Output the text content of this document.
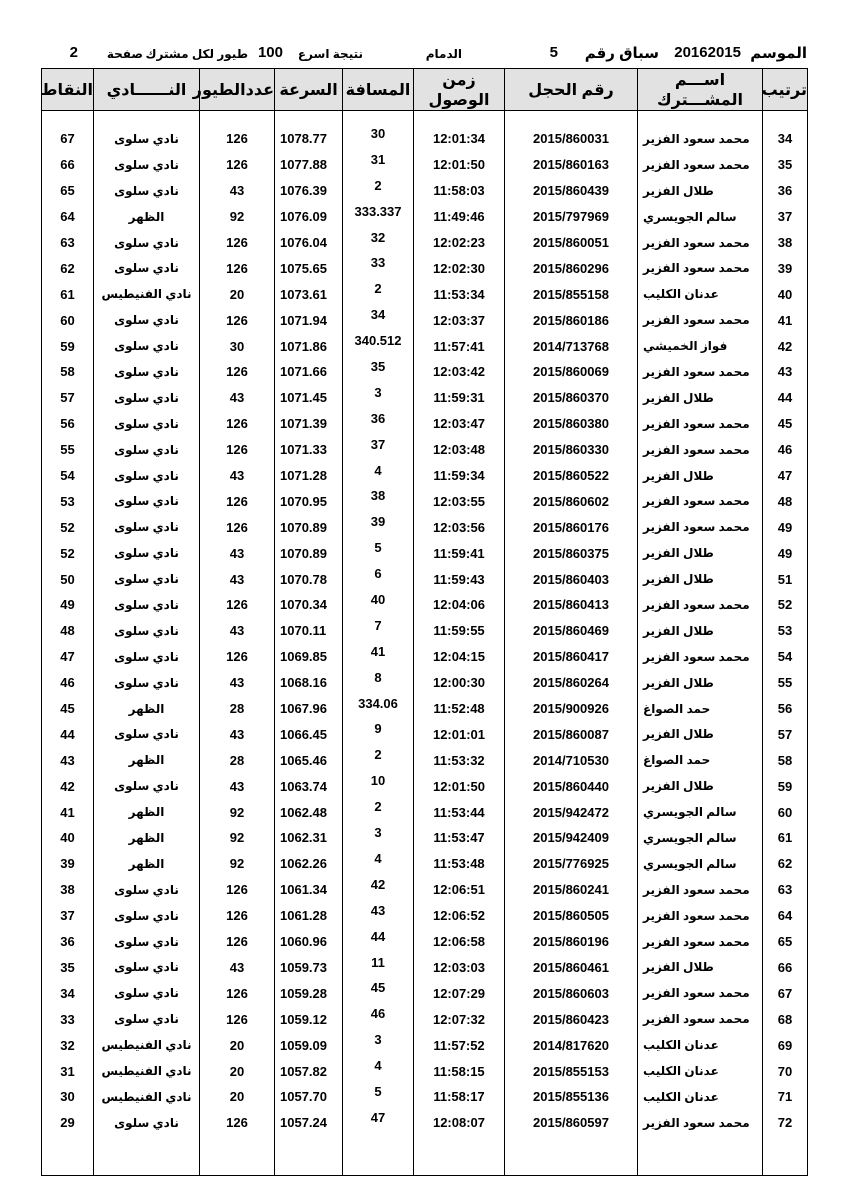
الموسم
20162015
سباق رقم
5
الدمام
نتيجة اسرع
100
طيور لكل مشترك
صفحة
2
ترتيب	اســـم المشـــترك	رقم الحجل	زمن الوصول	المسافة	السرعة	عددالطيور	النــــــادي	النقاط

34	محمد سعود الفزير	2015/860031	12:01:34	30	1078.77	126	نادي سلوى	67
35	محمد سعود الفزير	2015/860163	12:01:50	31	1077.88	126	نادي سلوى	66
36	طلال الفزير	2015/860439	11:58:03	2	1076.39	43	نادي سلوى	65
37	سالم الجويسري	2015/797969	11:49:46	333.337	1076.09	92	الظهر	64
38	محمد سعود الفزير	2015/860051	12:02:23	32	1076.04	126	نادي سلوى	63
39	محمد سعود الفزير	2015/860296	12:02:30	33	1075.65	126	نادي سلوى	62
40	عدنان الكليب	2015/855158	11:53:34	2	1073.61	20	نادي الفنيطيس	61
41	محمد سعود الفزير	2015/860186	12:03:37	34	1071.94	126	نادي سلوى	60
42	فواز الخميشي	2014/713768	11:57:41	340.512	1071.86	30	نادي سلوى	59
43	محمد سعود الفزير	2015/860069	12:03:42	35	1071.66	126	نادي سلوى	58
44	طلال الفزير	2015/860370	11:59:31	3	1071.45	43	نادي سلوى	57
45	محمد سعود الفزير	2015/860380	12:03:47	36	1071.39	126	نادي سلوى	56
46	محمد سعود الفزير	2015/860330	12:03:48	37	1071.33	126	نادي سلوى	55
47	طلال الفزير	2015/860522	11:59:34	4	1071.28	43	نادي سلوى	54
48	محمد سعود الفزير	2015/860602	12:03:55	38	1070.95	126	نادي سلوى	53
49	محمد سعود الفزير	2015/860176	12:03:56	39	1070.89	126	نادي سلوى	52
49	طلال الفزير	2015/860375	11:59:41	5	1070.89	43	نادي سلوى	52
51	طلال الفزير	2015/860403	11:59:43	6	1070.78	43	نادي سلوى	50
52	محمد سعود الفزير	2015/860413	12:04:06	40	1070.34	126	نادي سلوى	49
53	طلال الفزير	2015/860469	11:59:55	7	1070.11	43	نادي سلوى	48
54	محمد سعود الفزير	2015/860417	12:04:15	41	1069.85	126	نادي سلوى	47
55	طلال الفزير	2015/860264	12:00:30	8	1068.16	43	نادي سلوى	46
56	حمد الصواغ	2015/900926	11:52:48	334.06	1067.96	28	الظهر	45
57	طلال الفزير	2015/860087	12:01:01	9	1066.45	43	نادي سلوى	44
58	حمد الصواغ	2014/710530	11:53:32	2	1065.46	28	الظهر	43
59	طلال الفزير	2015/860440	12:01:50	10	1063.74	43	نادي سلوى	42
60	سالم الجويسري	2015/942472	11:53:44	2	1062.48	92	الظهر	41
61	سالم الجويسري	2015/942409	11:53:47	3	1062.31	92	الظهر	40
62	سالم الجويسري	2015/776925	11:53:48	4	1062.26	92	الظهر	39
63	محمد سعود الفزير	2015/860241	12:06:51	42	1061.34	126	نادي سلوى	38
64	محمد سعود الفزير	2015/860505	12:06:52	43	1061.28	126	نادي سلوى	37
65	محمد سعود الفزير	2015/860196	12:06:58	44	1060.96	126	نادي سلوى	36
66	طلال الفزير	2015/860461	12:03:03	11	1059.73	43	نادي سلوى	35
67	محمد سعود الفزير	2015/860603	12:07:29	45	1059.28	126	نادي سلوى	34
68	محمد سعود الفزير	2015/860423	12:07:32	46	1059.12	126	نادي سلوى	33
69	عدنان الكليب	2014/817620	11:57:52	3	1059.09	20	نادي الفنيطيس	32
70	عدنان الكليب	2015/855153	11:58:15	4	1057.82	20	نادي الفنيطيس	31
71	عدنان الكليب	2015/855136	11:58:17	5	1057.70	20	نادي الفنيطيس	30
72	محمد سعود الفزير	2015/860597	12:08:07	47	1057.24	126	نادي سلوى	29
